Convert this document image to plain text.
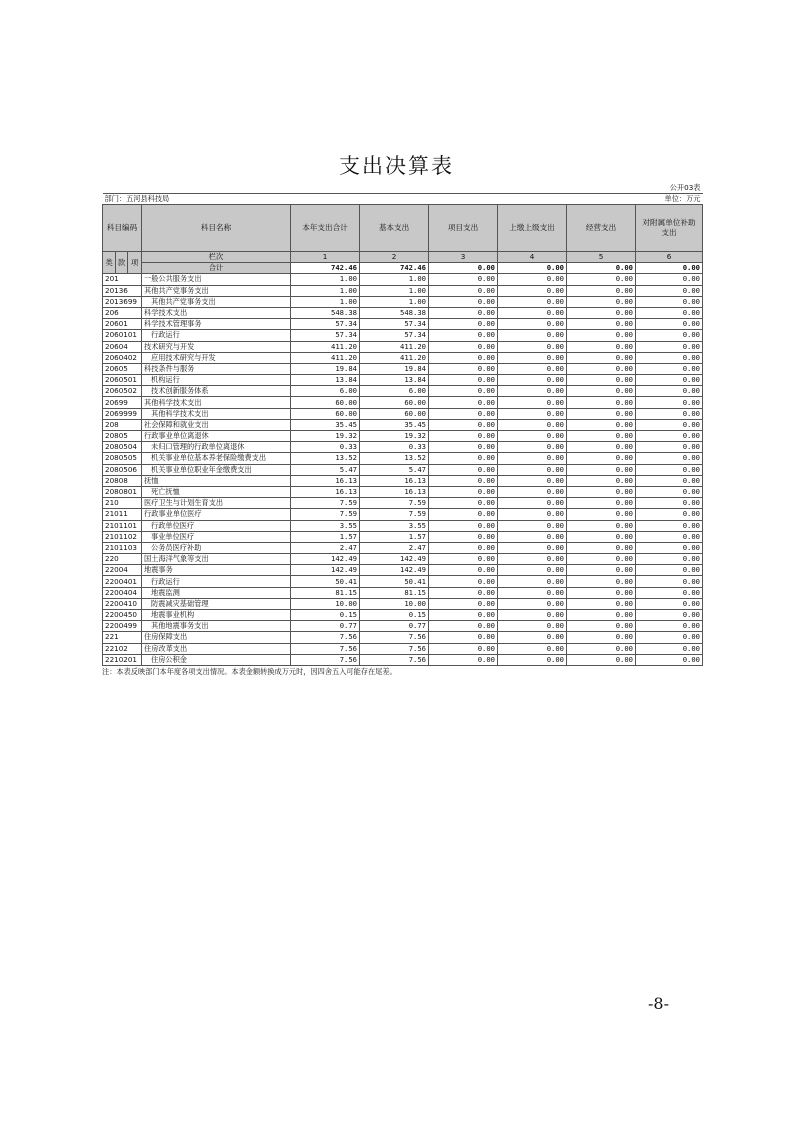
支出决算表
									公开03表
部门：五河县科技局					单位：万元				
科目编码			科目名称	本年支出合计	基本支出	项目支出	上缴上级支出	经营支出	对附属单位补助支出
类	款	项	栏次	1	2	3	4	5	6
			合计	742.46	742.46	0.00	0.00	0.00	0.00
201			一般公共服务支出	1.00	1.00	0.00	0.00	0.00	0.00
20136			其他共产党事务支出	1.00	1.00	0.00	0.00	0.00	0.00
2013699			其他共产党事务支出	1.00	1.00	0.00	0.00	0.00	0.00
206			科学技术支出	548.38	548.38	0.00	0.00	0.00	0.00
20601			科学技术管理事务	57.34	57.34	0.00	0.00	0.00	0.00
2060101			行政运行	57.34	57.34	0.00	0.00	0.00	0.00
20604			技术研究与开发	411.20	411.20	0.00	0.00	0.00	0.00
2060402			应用技术研究与开发	411.20	411.20	0.00	0.00	0.00	0.00
20605			科技条件与服务	19.84	19.84	0.00	0.00	0.00	0.00
2060501			机构运行	13.84	13.84	0.00	0.00	0.00	0.00
2060502			技术创新服务体系	6.00	6.00	0.00	0.00	0.00	0.00
20699			其他科学技术支出	60.00	60.00	0.00	0.00	0.00	0.00
2069999			其他科学技术支出	60.00	60.00	0.00	0.00	0.00	0.00
208			社会保障和就业支出	35.45	35.45	0.00	0.00	0.00	0.00
20805			行政事业单位离退休	19.32	19.32	0.00	0.00	0.00	0.00
2080504			未归口管理的行政单位离退休	0.33	0.33	0.00	0.00	0.00	0.00
2080505			机关事业单位基本养老保险缴费支出	13.52	13.52	0.00	0.00	0.00	0.00
2080506			机关事业单位职业年金缴费支出	5.47	5.47	0.00	0.00	0.00	0.00
20808			抚恤	16.13	16.13	0.00	0.00	0.00	0.00
2080801			死亡抚恤	16.13	16.13	0.00	0.00	0.00	0.00
210			医疗卫生与计划生育支出	7.59	7.59	0.00	0.00	0.00	0.00
21011			行政事业单位医疗	7.59	7.59	0.00	0.00	0.00	0.00
2101101			行政单位医疗	3.55	3.55	0.00	0.00	0.00	0.00
2101102			事业单位医疗	1.57	1.57	0.00	0.00	0.00	0.00
2101103			公务员医疗补助	2.47	2.47	0.00	0.00	0.00	0.00
220			国土海洋气象等支出	142.49	142.49	0.00	0.00	0.00	0.00
22004			地震事务	142.49	142.49	0.00	0.00	0.00	0.00
2200401			行政运行	50.41	50.41	0.00	0.00	0.00	0.00
2200404			地震监测	81.15	81.15	0.00	0.00	0.00	0.00
2200410			防震减灾基础管理	10.00	10.00	0.00	0.00	0.00	0.00
2200450			地震事业机构	0.15	0.15	0.00	0.00	0.00	0.00
2200499			其他地震事务支出	0.77	0.77	0.00	0.00	0.00	0.00
221			住房保障支出	7.56	7.56	0.00	0.00	0.00	0.00
22102			住房改革支出	7.56	7.56	0.00	0.00	0.00	0.00
2210201			住房公积金	7.56	7.56	0.00	0.00	0.00	0.00
注：本表反映部门本年度各项支出情况。本表金额转换成万元时，因四舍五入可能存在尾差。
-8-
